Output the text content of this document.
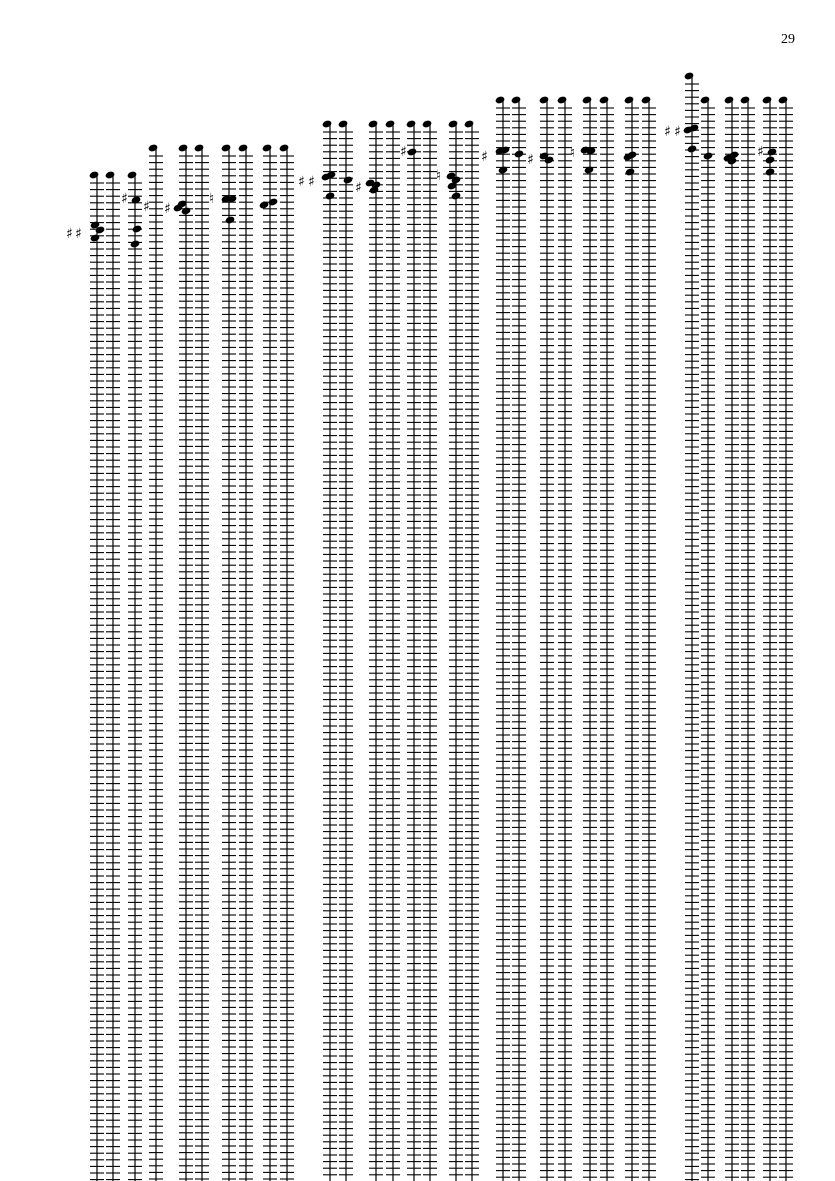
29
♯ ♯
♯ ♯ ♯
♯ ♯	♯
♯	♯	♯
♯ ♯
♯
♮
♮
♮
